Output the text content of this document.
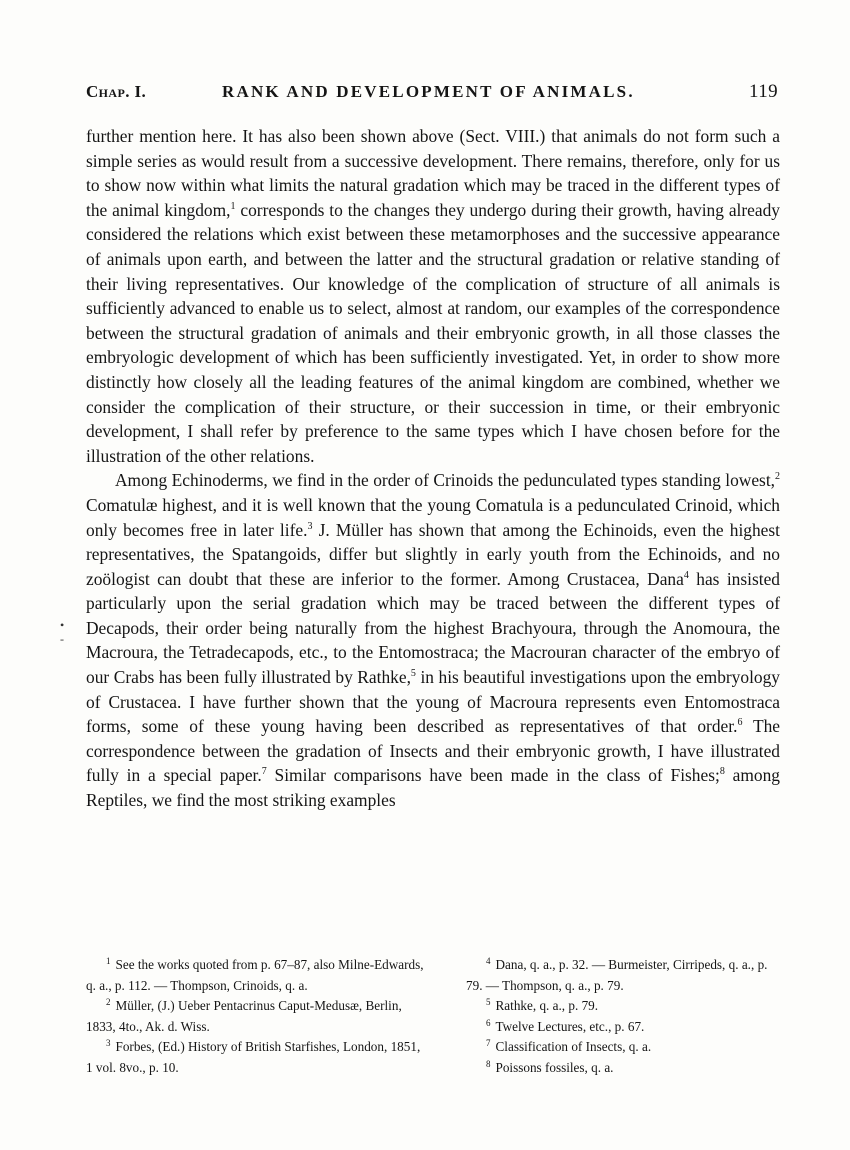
Chap. I.	RANK AND DEVELOPMENT OF ANIMALS.	119

further mention here. It has also been shown above (Sect. VIII.) that animals do not form such a simple series as would result from a successive development. There remains, therefore, only for us to show now within what limits the natural gradation which may be traced in the different types of the animal kingdom,$^1$ corresponds to the changes they undergo during their growth, having already considered the relations which exist between these metamorphoses and the successive appearance of animals upon earth, and between the latter and the structural gradation or relative standing of their living representatives. Our knowledge of the complication of structure of all animals is sufficiently advanced to enable us to select, almost at random, our examples of the correspondence between the structural gradation of animals and their embryonic growth, in all those classes the embryologic development of which has been sufficiently investigated. Yet, in order to show more distinctly how closely all the leading features of the animal kingdom are combined, whether we consider the complication of their structure, or their succession in time, or their embryonic development, I shall refer by preference to the same types which I have chosen before for the illustration of the other relations.

Among Echinoderms, we find in the order of Crinoids the pedunculated types standing lowest,$^2$ Comatulæ highest, and it is well known that the young Comatula is a pedunculated Crinoid, which only becomes free in later life.$^3$ J. Müller has shown that among the Echinoids, even the highest representatives, the Spatangoids, differ but slightly in early youth from the Echinoids, and no zoölogist can doubt that these are inferior to the former. Among Crustacea, Dana$^4$ has insisted particularly upon the serial gradation which may be traced between the different types of Decapods, their order being naturally from the highest Brachyoura, through the Anomoura, the Macroura, the Tetradecapods, etc., to the Entomostraca; the Macrouran character of the embryo of our Crabs has been fully illustrated by Rathke,$^5$ in his beautiful investigations upon the embryology of Crustacea. I have further shown that the young of Macroura represents even Entomostraca forms, some of these young having been described as representatives of that order.$^6$ The correspondence between the gradation of Insects and their embryonic growth, I have illustrated fully in a special paper.$^7$ Similar comparisons have been made in the class of Fishes;$^8$ among Reptiles, we find the most striking examples

•
-

$^1$ See the works quoted from p. 67–87, also Milne-Edwards, q. a., p. 112. — Thompson, Crinoids, q. a.

$^2$ Müller, (J.) Ueber Pentacrinus Caput-Medusæ, Berlin, 1833, 4to., Ak. d. Wiss.

$^3$ Forbes, (Ed.) History of British Starfishes, London, 1851, 1 vol. 8vo., p. 10.

$^4$ Dana, q. a., p. 32. — Burmeister, Cirripeds, q. a., p. 79. — Thompson, q. a., p. 79.

$^5$ Rathke, q. a., p. 79.

$^6$ Twelve Lectures, etc., p. 67.

$^7$ Classification of Insects, q. a.

$^8$ Poissons fossiles, q. a.
